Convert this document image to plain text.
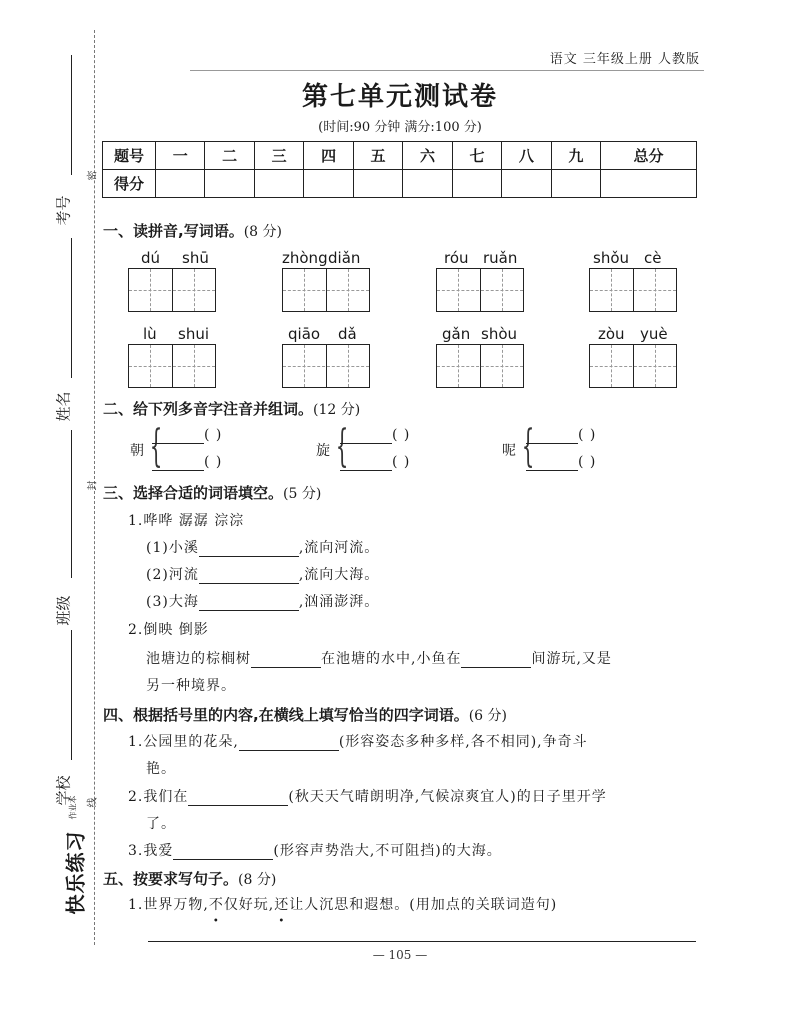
考号
姓名
班级
学校
密
封
线
快乐练习
作业本
语文 三年级上册 人教版
第七单元测试卷
(时间:90 分钟 满分:100 分)
题号	一	二	三	四	五	六	七	八	九	总分
得分										
一、读拼音,写词语。(8 分)
dú shū	zhòng diǎn	róu ruǎn	shǒu cè
lù shui	qiāo dǎ	gǎn shòu	zòu yuè
二、给下列多音字注音并组词。(12 分)
朝 {	( )
( )
旋 {	( )
( )
呢 {	( )
( )
三、选择合适的词语填空。(5 分)
1.哗哗 潺潺 淙淙
(1)小溪	,流向河流。
(2)河流	,流向大海。
(3)大海	,汹涌澎湃。
2.倒映 倒影
池塘边的棕榈树	在池塘的水中,小鱼在	间游玩,又是
另一种境界。
四、根据括号里的内容,在横线上填写恰当的四字词语。(6 分)
1.公园里的花朵,	(形容姿态多种多样,各不相同),争奇斗
艳。
2.我们在	(秋天天气晴朗明净,气候凉爽宜人)的日子里开学
了。
3.我爱	(形容声势浩大,不可阻挡)的大海。
五、按要求写句子。(8 分)
1.世界万物,不仅好玩,还让人沉思和遐想。(用加点的关联词造句)
— 105 —
